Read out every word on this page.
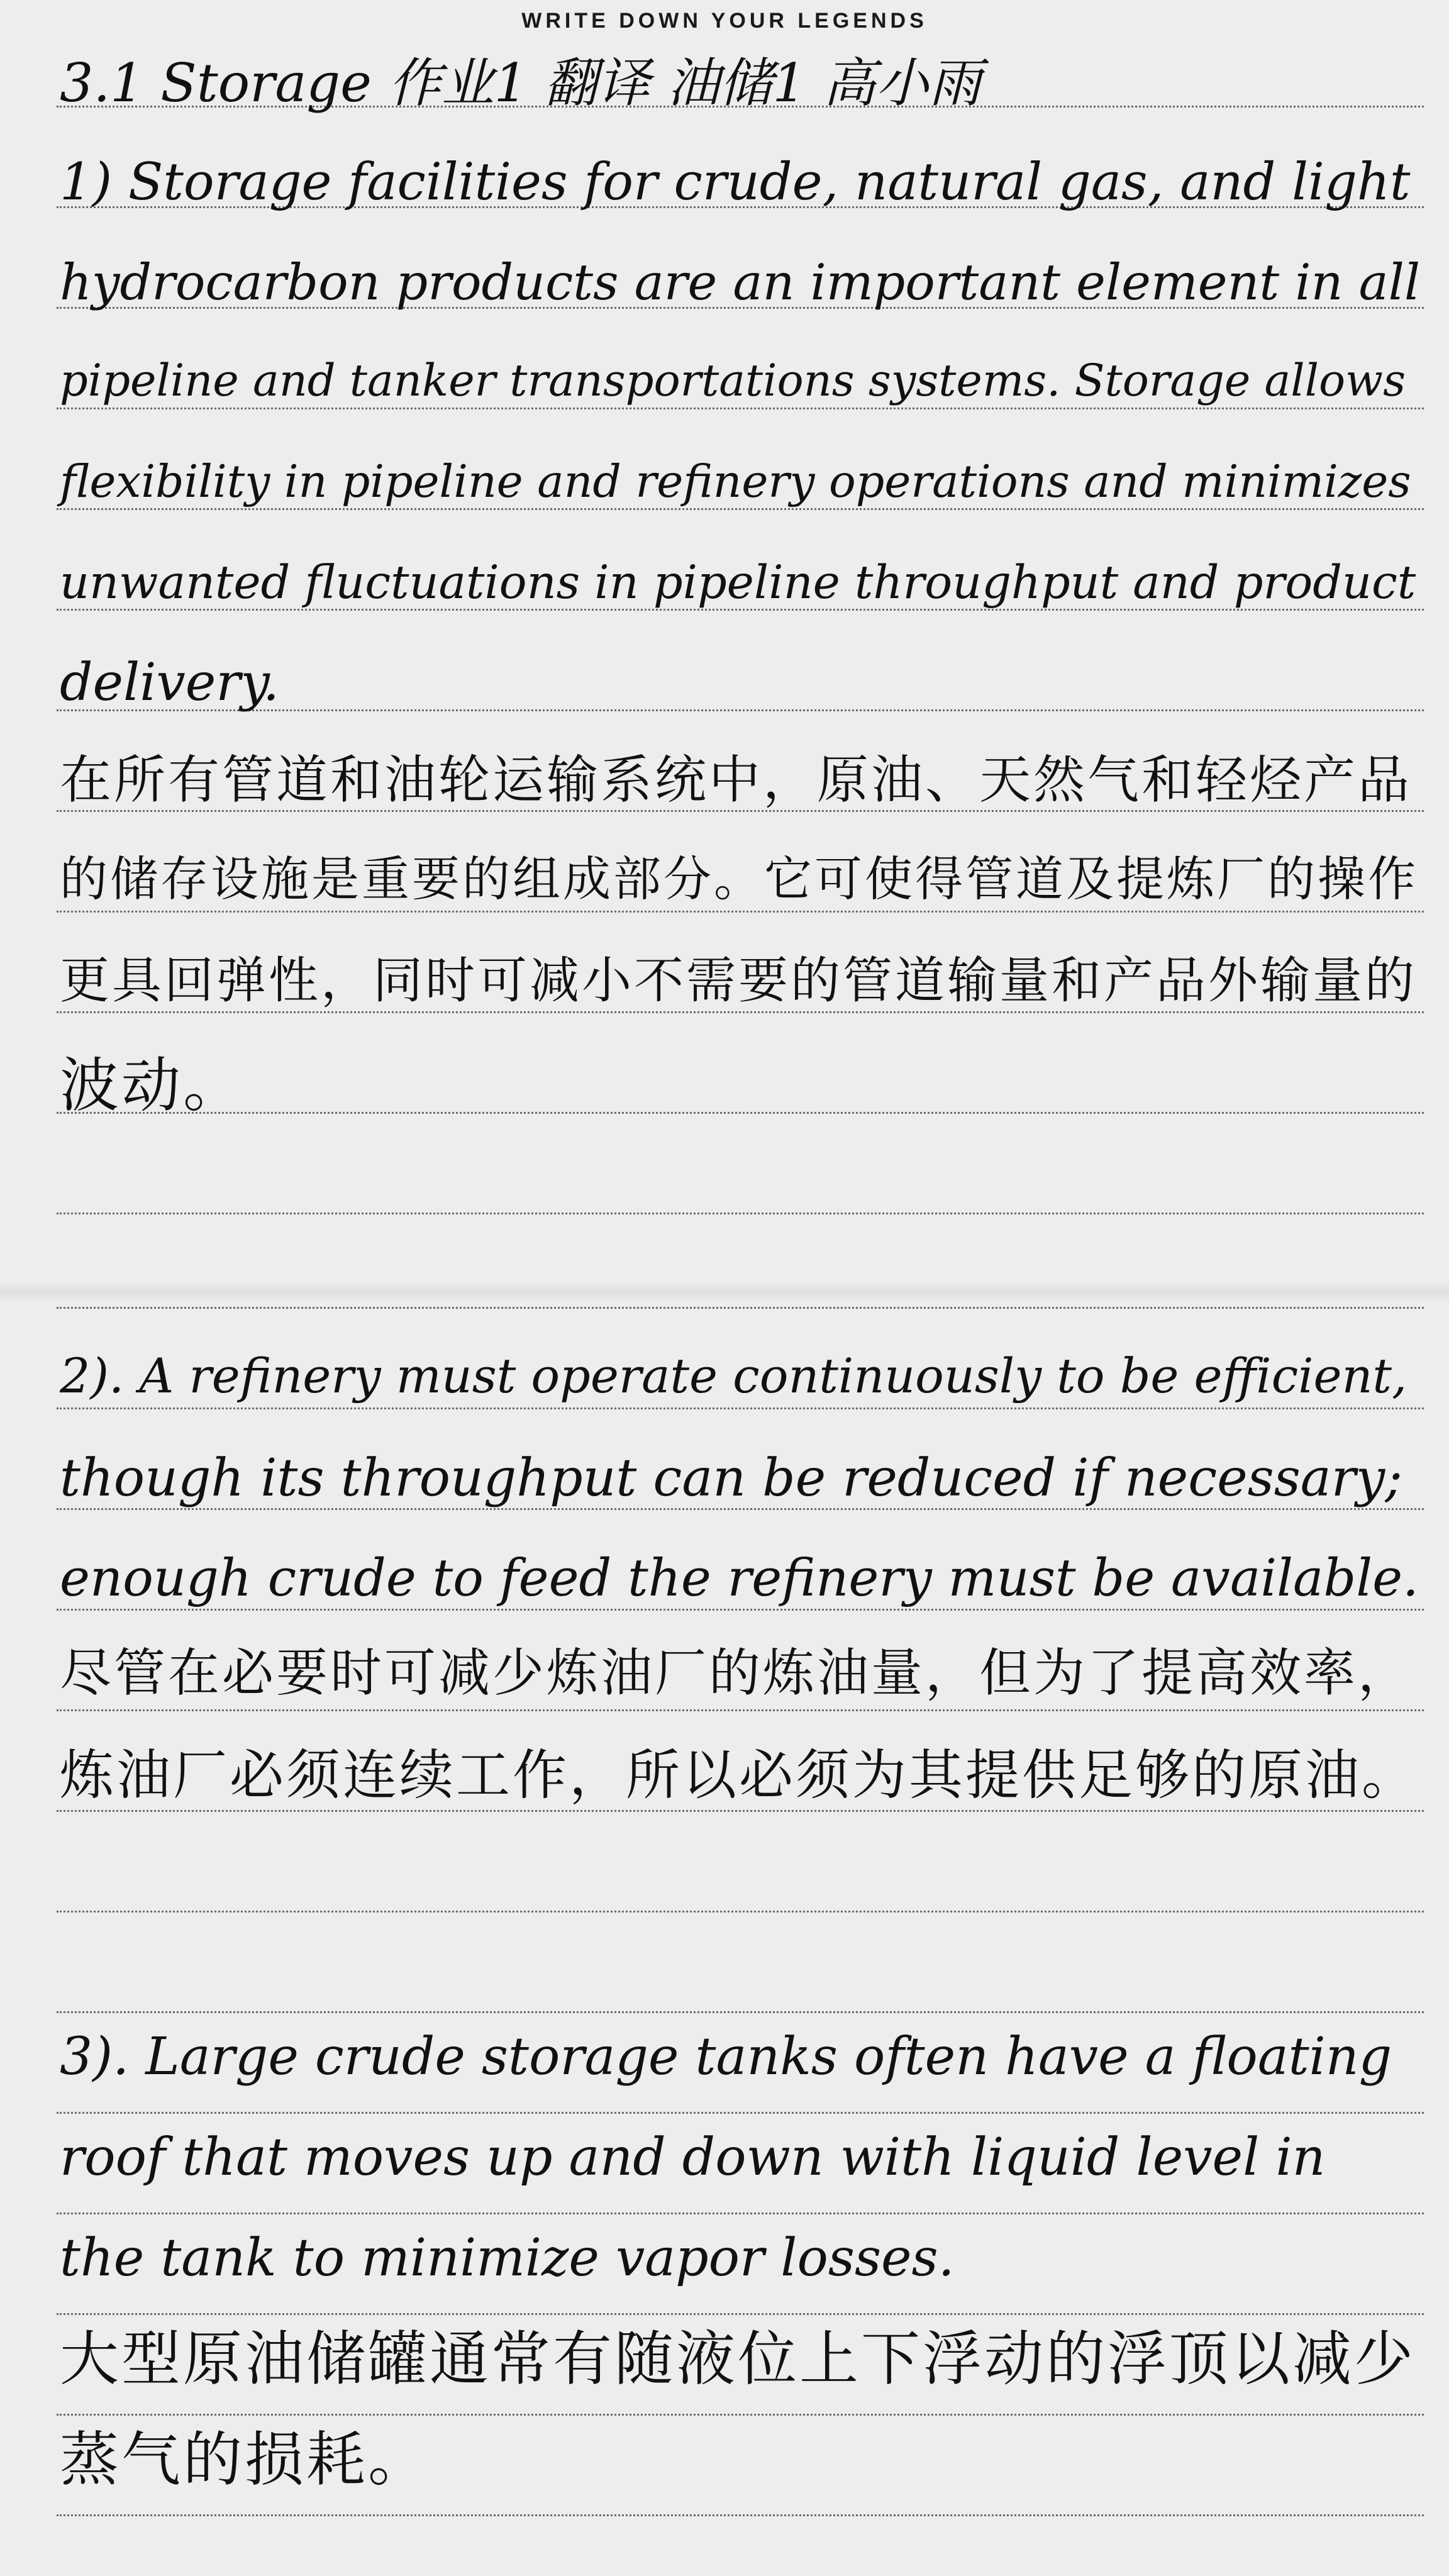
WRITE DOWN YOUR LEGENDS
3.1 Storage 作业1 翻译 油储1 高小雨
1) Storage facilities for crude, natural gas, and light
hydrocarbon products are an important element in all
pipeline and tanker transportations systems. Storage allows
flexibility in pipeline and refinery operations and minimizes
unwanted fluctuations in pipeline throughput and product
delivery.
在所有管道和油轮运输系统中，原油、天然气和轻烃产品
的储存设施是重要的组成部分。它可使得管道及提炼厂的操作
更具回弹性，同时可减小不需要的管道输量和产品外输量的
波动。
2). A refinery must operate continuously to be efficient,
though its throughput can be reduced if necessary;
enough crude to feed the refinery must be available.
尽管在必要时可减少炼油厂的炼油量，但为了提高效率，
炼油厂必须连续工作，所以必须为其提供足够的原油。
3). Large crude storage tanks often have a floating
roof that moves up and down with liquid level in
the tank to minimize vapor losses.
大型原油储罐通常有随液位上下浮动的浮顶以减少
蒸气的损耗。
